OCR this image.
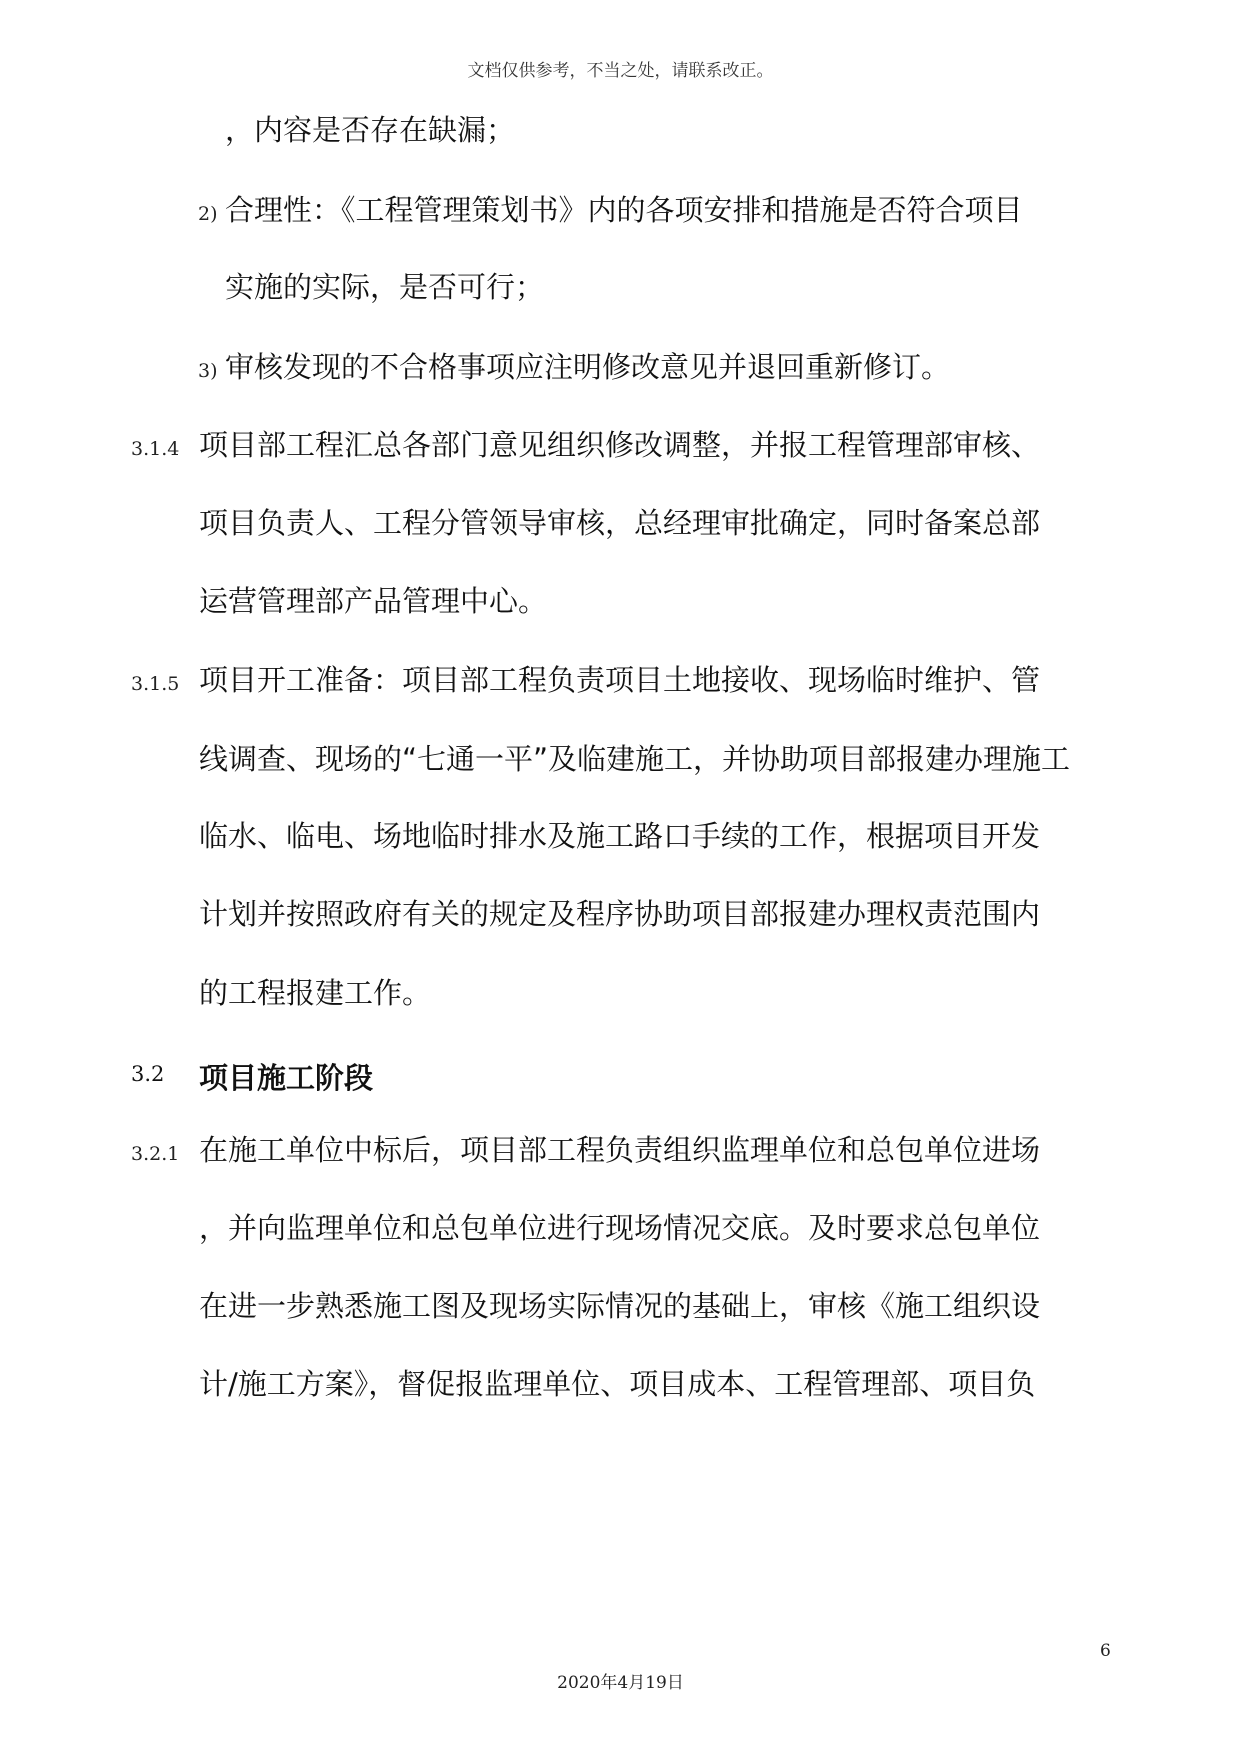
文档仅供参考，不当之处，请联系改正。
，内容是否存在缺漏；
2) 合理性：《工程管理策划书》内的各项安排和措施是否符合项目
实施的实际，是否可行；
3) 审核发现的不合格事项应注明修改意见并退回重新修订。
3.1.4 项目部工程汇总各部门意见组织修改调整，并报工程管理部审核、
项目负责人、工程分管领导审核，总经理审批确定，同时备案总部
运营管理部产品管理中心。
3.1.5 项目开工准备：项目部工程负责项目土地接收、现场临时维护、管
线调查、现场的“七通一平”及临建施工，并协助项目部报建办理施工
临水、临电、场地临时排水及施工路口手续的工作，根据项目开发
计划并按照政府有关的规定及程序协助项目部报建办理权责范围内
的工程报建工作。
3.2 项目施工阶段
3.2.1 在施工单位中标后，项目部工程负责组织监理单位和总包单位进场
，并向监理单位和总包单位进行现场情况交底。及时要求总包单位
在进一步熟悉施工图及现场实际情况的基础上，审核《施工组织设
计/施工方案》，督促报监理单位、项目成本、工程管理部、项目负
6
2020年4月19日
